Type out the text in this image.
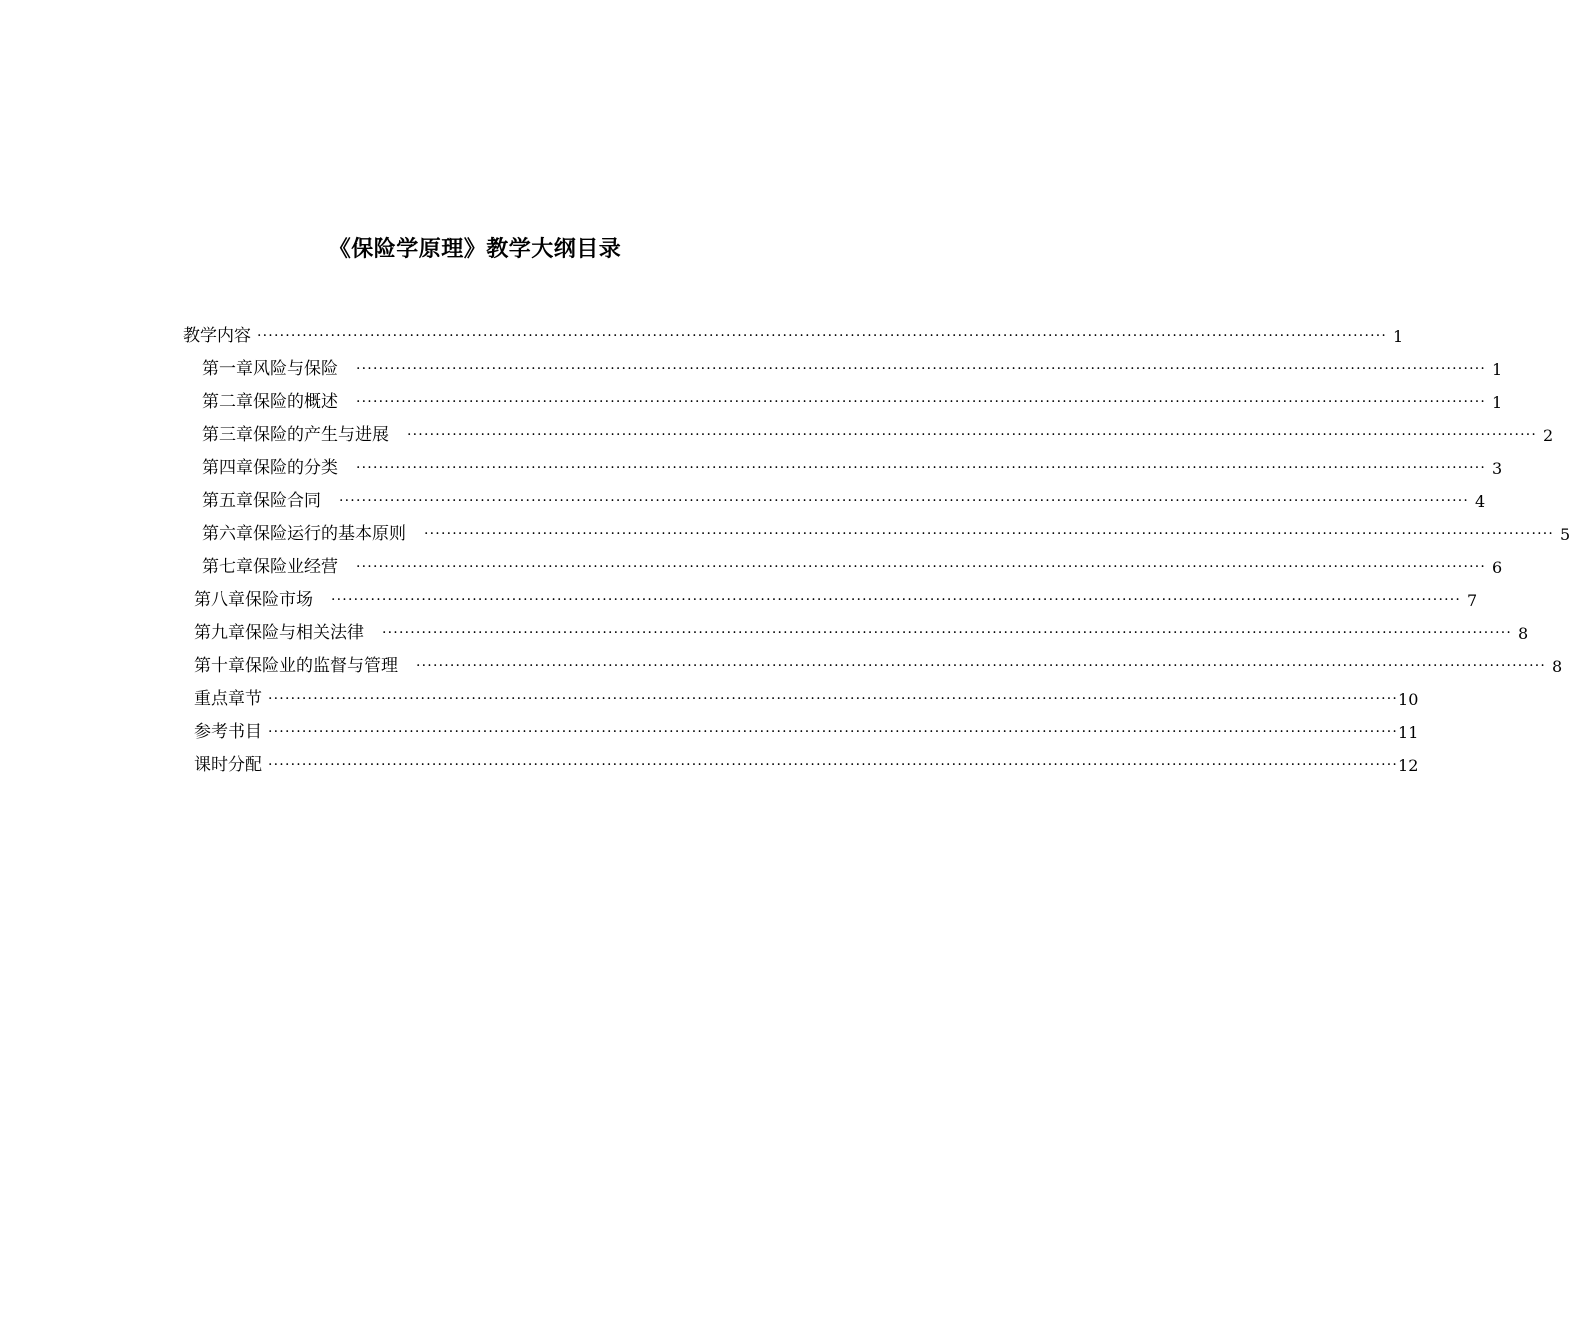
《保险学原理》教学大纲目录
教学内容 ········································································································································································································ 1
第一章 风险与保险 ········································································································································································································ 1
第二章 保险的概述 ········································································································································································································ 1
第三章 保险的产生与进展 ········································································································································································································ 2
第四章 保险的分类 ········································································································································································································ 3
第五章 保险合同 ········································································································································································································ 4
第六章 保险运行的基本原则 ········································································································································································································ 5
第七章 保险业经营 ········································································································································································································ 6
第八章 保险市场 ········································································································································································································ 7
第九章 保险与相关法律 ········································································································································································································ 8
第十章 保险业的监督与管理 ········································································································································································································ 8
重点章节 ········································································································································································································ 10
参考书目 ········································································································································································································ 11
课时分配 ········································································································································································································ 12
